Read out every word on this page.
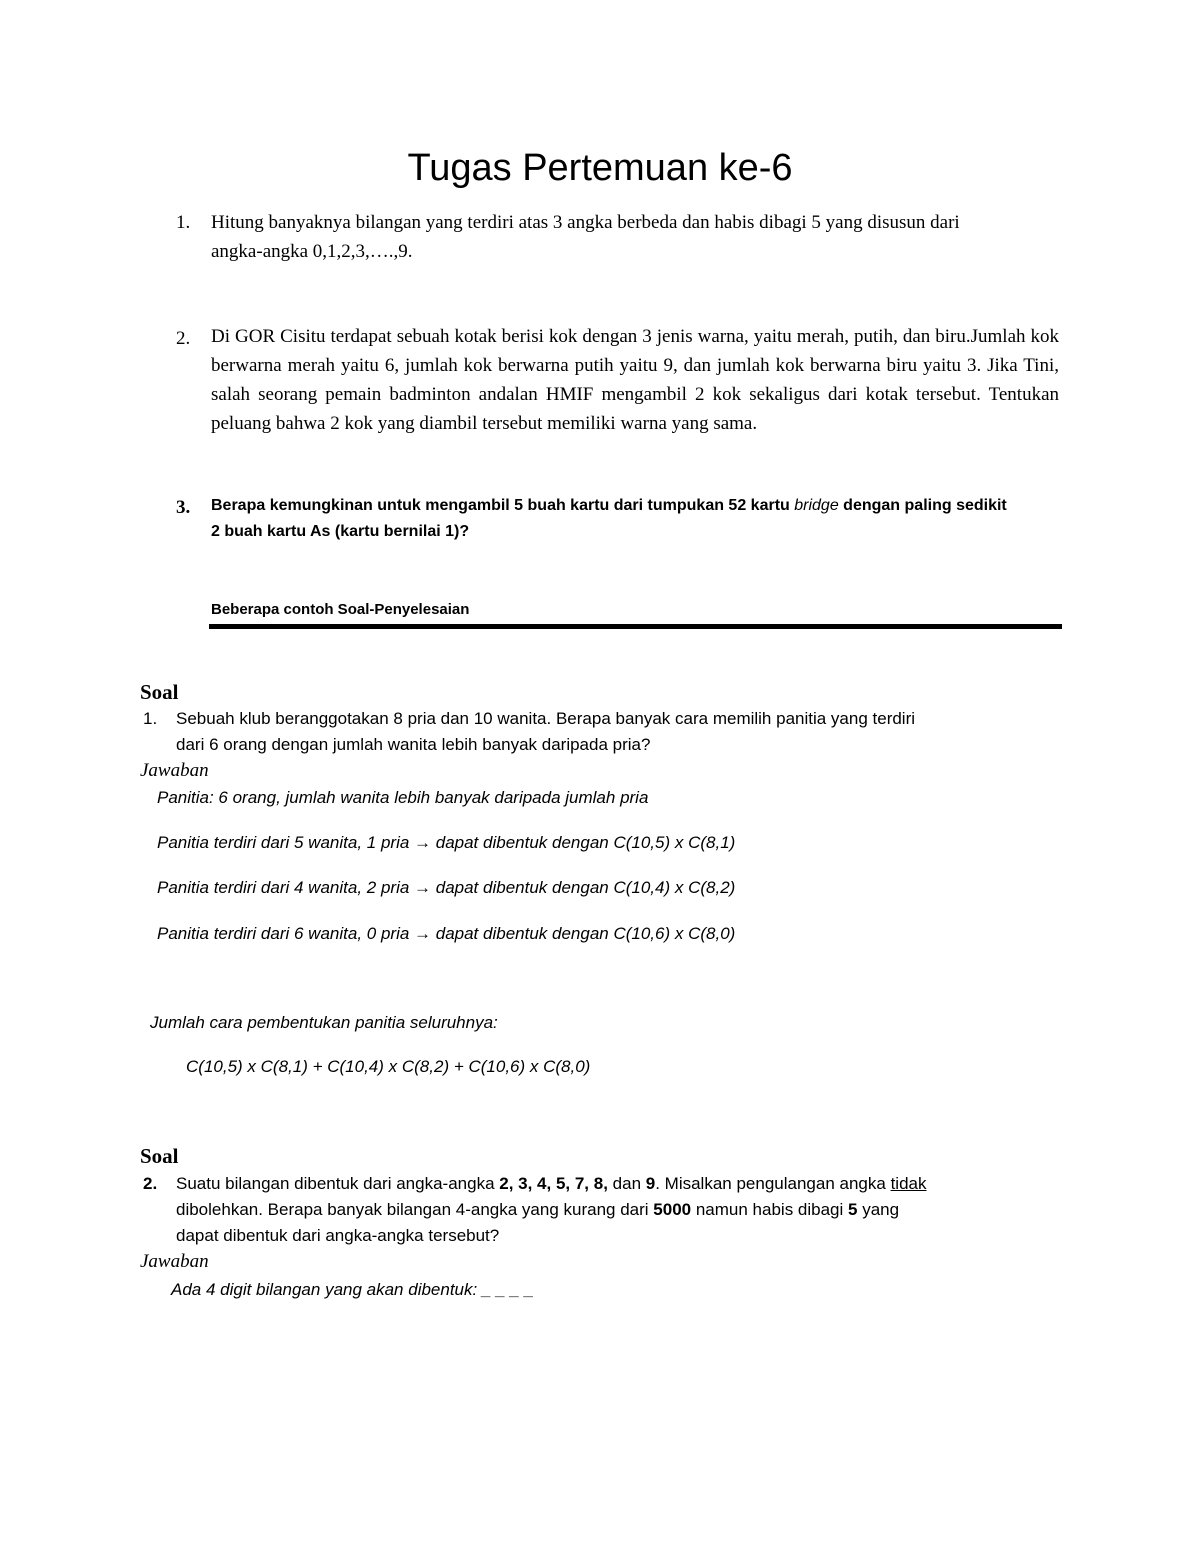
Tugas Pertemuan ke-6
1. Hitung banyaknya bilangan yang terdiri atas 3 angka berbeda dan habis dibagi 5 yang disusun dari
angka-angka 0,1,2,3,….,9.
2. Di GOR Cisitu terdapat sebuah kotak berisi kok dengan 3 jenis warna, yaitu merah, putih, dan biru.Jumlah kok berwarna merah yaitu 6, jumlah kok berwarna putih yaitu 9, dan jumlah kok berwarna biru yaitu 3. Jika Tini, salah seorang pemain badminton andalan HMIF mengambil 2 kok sekaligus dari kotak tersebut. Tentukan peluang bahwa 2 kok yang diambil tersebut memiliki warna yang sama.

3. Berapa kemungkinan untuk mengambil 5 buah kartu dari tumpukan 52 kartu bridge dengan paling sedikit
2 buah kartu As (kartu bernilai 1)?
Beberapa contoh Soal-Penyelesaian
Soal
1. Sebuah klub beranggotakan 8 pria dan 10 wanita. Berapa banyak cara memilih panitia yang terdiri
dari 6 orang dengan jumlah wanita lebih banyak daripada pria?
Jawaban
Panitia: 6 orang, jumlah wanita lebih banyak daripada jumlah pria
Panitia terdiri dari 5 wanita, 1 pria → dapat dibentuk dengan C(10,5) x C(8,1)
Panitia terdiri dari 4 wanita, 2 pria → dapat dibentuk dengan C(10,4) x C(8,2)
Panitia terdiri dari 6 wanita, 0 pria → dapat dibentuk dengan C(10,6) x C(8,0)
Jumlah cara pembentukan panitia seluruhnya:
C(10,5) x C(8,1) + C(10,4) x C(8,2) + C(10,6) x C(8,0)
Soal
2. Suatu bilangan dibentuk dari angka-angka 2, 3, 4, 5, 7, 8, dan 9. Misalkan pengulangan angka tidak
dibolehkan. Berapa banyak bilangan 4-angka yang kurang dari 5000 namun habis dibagi 5 yang
dapat dibentuk dari angka-angka tersebut?
Jawaban
Ada 4 digit bilangan yang akan dibentuk: _ _ _ _
